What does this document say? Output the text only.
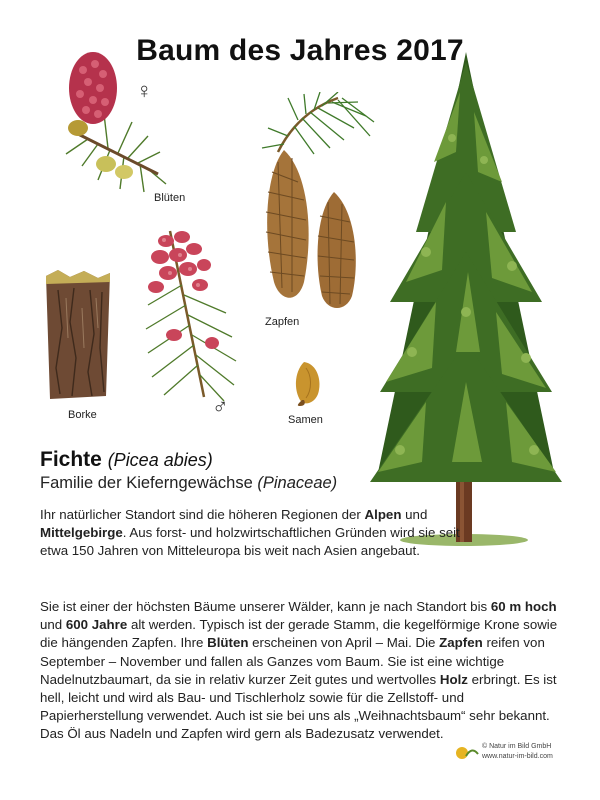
Baum des Jahres 2017
♀
Blüten
Borke	♂
Zapfen
Samen
Fichte (Picea abies)
Familie der Kieferngewächse (Pinaceae)

Ihr natürlicher Standort sind die höheren Regionen der Alpen und Mittelgebirge. Aus forst- und holzwirtschaftlichen Gründen wird sie seit etwa 150 Jahren von Mitteleuropa bis weit nach Asien angebaut.

Sie ist einer der höchsten Bäume unserer Wälder, kann je nach Standort bis 60 m hoch und 600 Jahre alt werden. Typisch ist der gerade Stamm, die kegelförmige Krone sowie die hängenden Zapfen. Ihre Blüten erscheinen von April – Mai. Die Zapfen reifen von September – November und fallen als Ganzes vom Baum. Sie ist eine wichtige Nadelnutzbaumart, da sie in relativ kurzer Zeit gutes und wertvolles Holz erbringt. Es ist hell, leicht und wird als Bau- und Tischlerholz sowie für die Zellstoff- und Papierherstellung verwendet. Auch ist sie bei uns als „Weihnachtsbaum“ sehr bekannt. Das Öl aus Nadeln und Zapfen wird gern als Badezusatz verwendet.

© Natur im Bild GmbH
www.natur-im-bild.com
